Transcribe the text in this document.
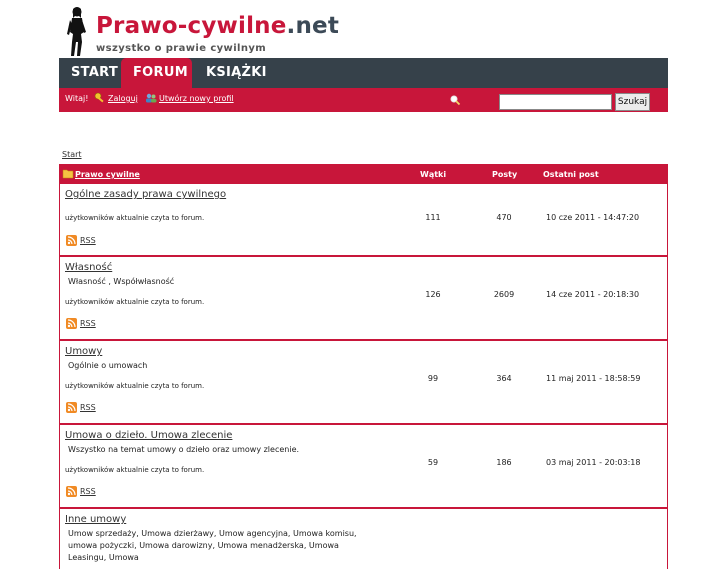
Prawo-cywilne.net
wszystko o prawie cywilnym
START	FORUM	KSIĄŻKI
Witaj! Zaloguj	Utwórz nowy profil	Szukaj
Start
Prawo cywilne	Wątki	Posty	Ostatni post
Ogólne zasady prawa cywilnego
użytkowników aktualnie czyta to forum.	111	470	10 cze 2011 - 14:47:20
RSS
Własność
Własność , Współwłasność
użytkowników aktualnie czyta to forum.
126	2609	14 cze 2011 - 20:18:30
RSS
Umowy
Ogólnie o umowach
użytkowników aktualnie czyta to forum.
99	364	11 maj 2011 - 18:58:59
RSS
Umowa o dzieło. Umowa zlecenie
Wszystko na temat umowy o dzieło oraz umowy zlecenie.
użytkowników aktualnie czyta to forum.
59	186	03 maj 2011 - 20:03:18
RSS
Inne umowy
Umow sprzedaży, Umowa dzierżawy, Umow agencyjna, Umowa komisu, umowa pożyczki, Umowa darowizny, Umowa menadżerska, Umowa Leasingu, Umowa
